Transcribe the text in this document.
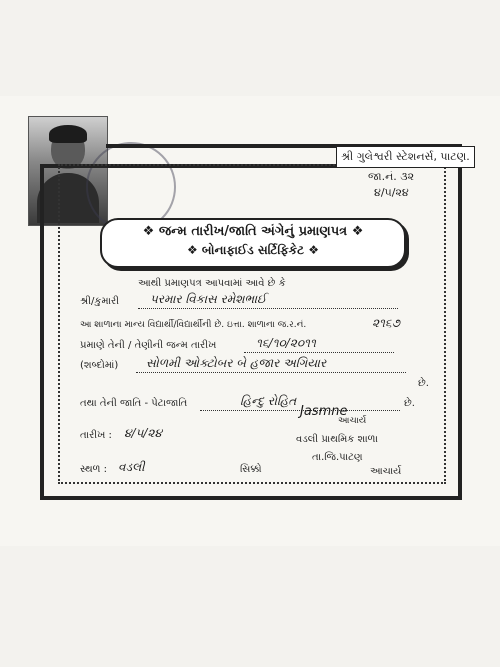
શ્રી ગુલેશ્વરી સ્ટેશનર્સ, પાટણ.
જા.નં. ૩૨
૪/૫/૨૪
❖ જન્મ તારીખ/જાતિ અંગેનું પ્રમાણપત્ર ❖
❖ બોનાફાઈડ સર્ટિફિકેટ ❖
આથી પ્રમાણપત્ર આપવામાં આવે છે કે
શ્રી/કુમારી	પરમાર વિકાસ રમેશભાઈ
આ શાળાના માન્ય વિદ્યાર્થી/વિદ્યાર્થીની છે. ઇત્તા. શાળાના જ.ર.નં.	૨૧૬૭
પ્રમાણે તેની / તેણીની જન્મ તારીખ	૧૬/૧૦/૨૦૧૧
(શબ્દોમાં) સોળમી ઓક્ટોબર બે હજાર અગિયાર
છે.
તથા તેની જાતિ - પેટાજાતિ	હિન્દુ રોહિત	છે.
તારીખ : ૪/૫/૨૪
Jasmne
આચાર્ય
વડલી પ્રાથમિક શાળા
તા.જિ.પાટણ
સ્થળ : વડલી	સિક્કો	આચાર્ય
